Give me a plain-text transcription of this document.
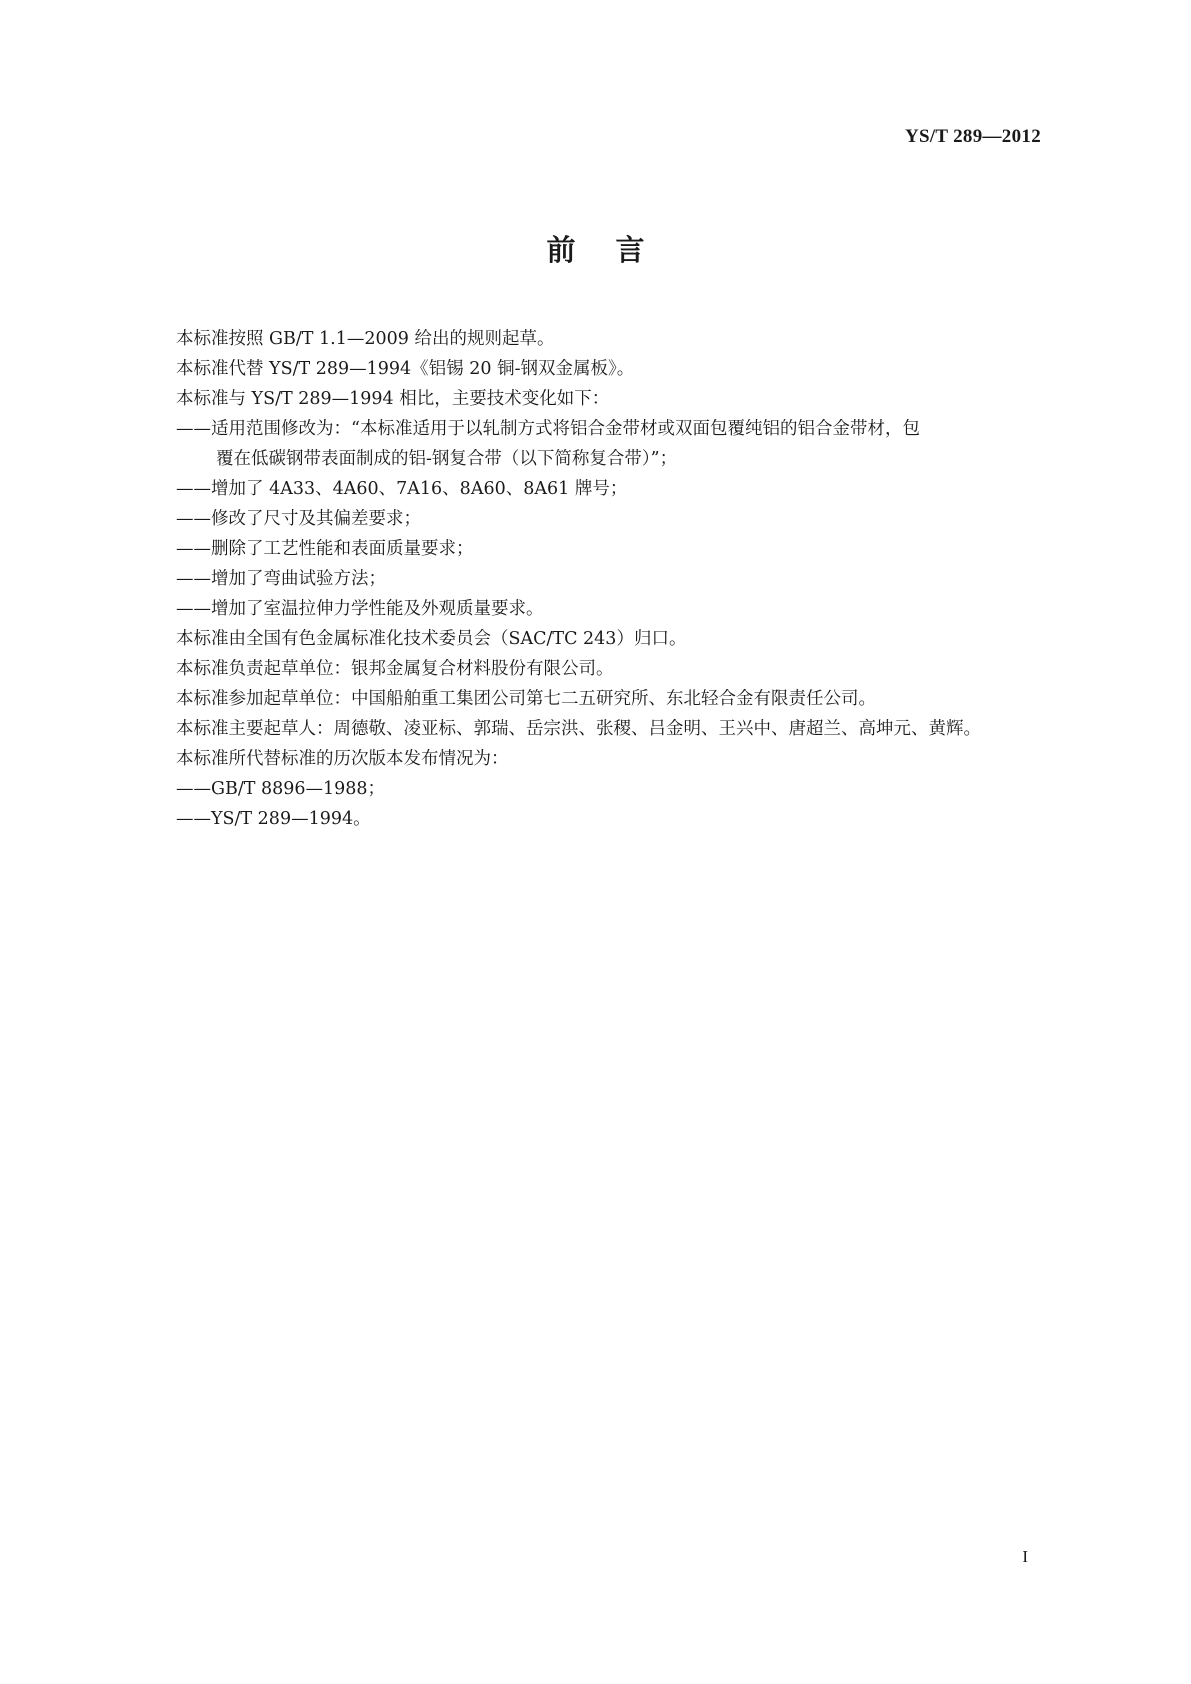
YS/T 289—2012
前言
本标准按照 GB/T 1.1—2009 给出的规则起草。
本标准代替 YS/T 289—1994《铝锡 20 铜-钢双金属板》。
本标准与 YS/T 289—1994 相比，主要技术变化如下：
——适用范围修改为：“本标准适用于以轧制方式将铝合金带材或双面包覆纯铝的铝合金带材，包
覆在低碳钢带表面制成的铝-钢复合带（以下简称复合带）”；
——增加了 4A33、4A60、7A16、8A60、8A61 牌号；
——修改了尺寸及其偏差要求；
——删除了工艺性能和表面质量要求；
——增加了弯曲试验方法；
——增加了室温拉伸力学性能及外观质量要求。
本标准由全国有色金属标准化技术委员会（SAC/TC 243）归口。
本标准负责起草单位：银邦金属复合材料股份有限公司。
本标准参加起草单位：中国船舶重工集团公司第七二五研究所、东北轻合金有限责任公司。
本标准主要起草人：周德敬、凌亚标、郭瑞、岳宗洪、张稷、吕金明、王兴中、唐超兰、高坤元、黄辉。
本标准所代替标准的历次版本发布情况为：
——GB/T 8896—1988；
——YS/T 289—1994。
I
